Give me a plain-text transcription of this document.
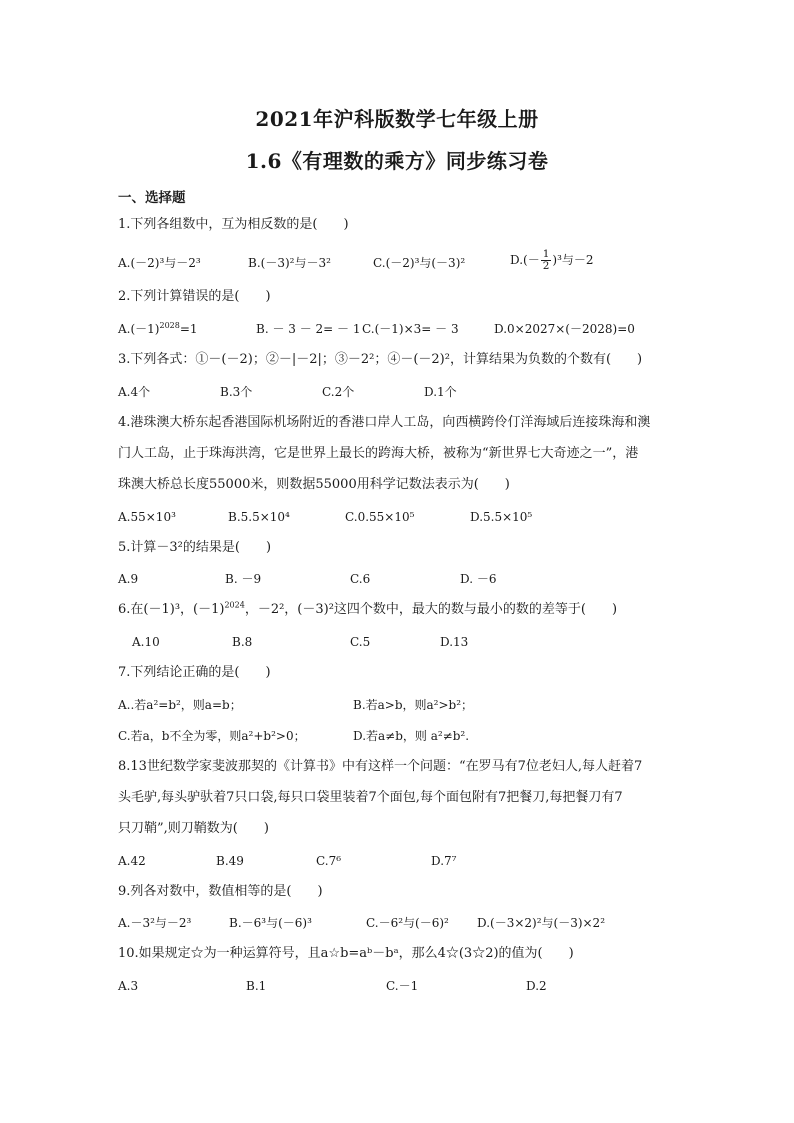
2021年沪科版数学七年级上册
1.6《有理数的乘方》同步练习卷
一、选择题
1.下列各组数中，互为相反数的是(　　)
A.(－2)³与－2³	B.(－3)²与－3²	C.(－2)³与(－3)²	$D.(- \frac{1}{2} )^3$与－2
2.下列计算错误的是(　　)
$A.(-1)^{2028}=1$	B. － 3 － 2= － 1 C.(－1)×3= － 3	D.0×2027×(－2028)=0
3.下列各式：①－(－2)；②－|－2|；③－2²；④－(－2)²，计算结果为负数的个数有(　　)
A.4个	B.3个	C.2个	D.1个
4.港珠澳大桥东起香港国际机场附近的香港口岸人工岛，向西横跨伶仃洋海域后连接珠海和澳
门人工岛，止于珠海洪湾，它是世界上最长的跨海大桥，被称为“新世界七大奇迹之一”，港
珠澳大桥总长度55000米，则数据55000用科学记数法表示为(　　)
A.55×10³	B.5.5×10⁴	C.0.55×10⁵	D.5.5×10⁵
5.计算－3²的结果是(　　)
A.9	B. －9	C.6	D. －6
6.在(－1)³，$(-1)^{2024}$，－2²，(－3)²这四个数中，最大的数与最小的数的差等于(　　)
A.10	B.8	C.5	D.13
7.下列结论正确的是(　　)
A..若a²=b²，则a=b；	B.若a>b，则a²>b²；
C.若a，b不全为零，则a²+b²>0；	D.若a≠b，则 a²≠b².
8.13世纪数学家斐波那契的《计算书》中有这样一个问题：“在罗马有7位老妇人,每人赶着7
头毛驴,每头驴驮着7只口袋,每只口袋里装着7个面包,每个面包附有7把餐刀,每把餐刀有7
只刀鞘”,则刀鞘数为(　　)
A.42	B.49	C.7⁶	D.7⁷
9.列各对数中，数值相等的是(　　)
A.－3²与－2³	B.－6³与(－6)³	C.－6²与(－6)² D.(－3×2)²与(－3)×2²
10.如果规定☆为一种运算符号，且a☆b=aᵇ－bᵃ，那么4☆(3☆2)的值为(　　)
A.3	B.1	C.－1	D.2
